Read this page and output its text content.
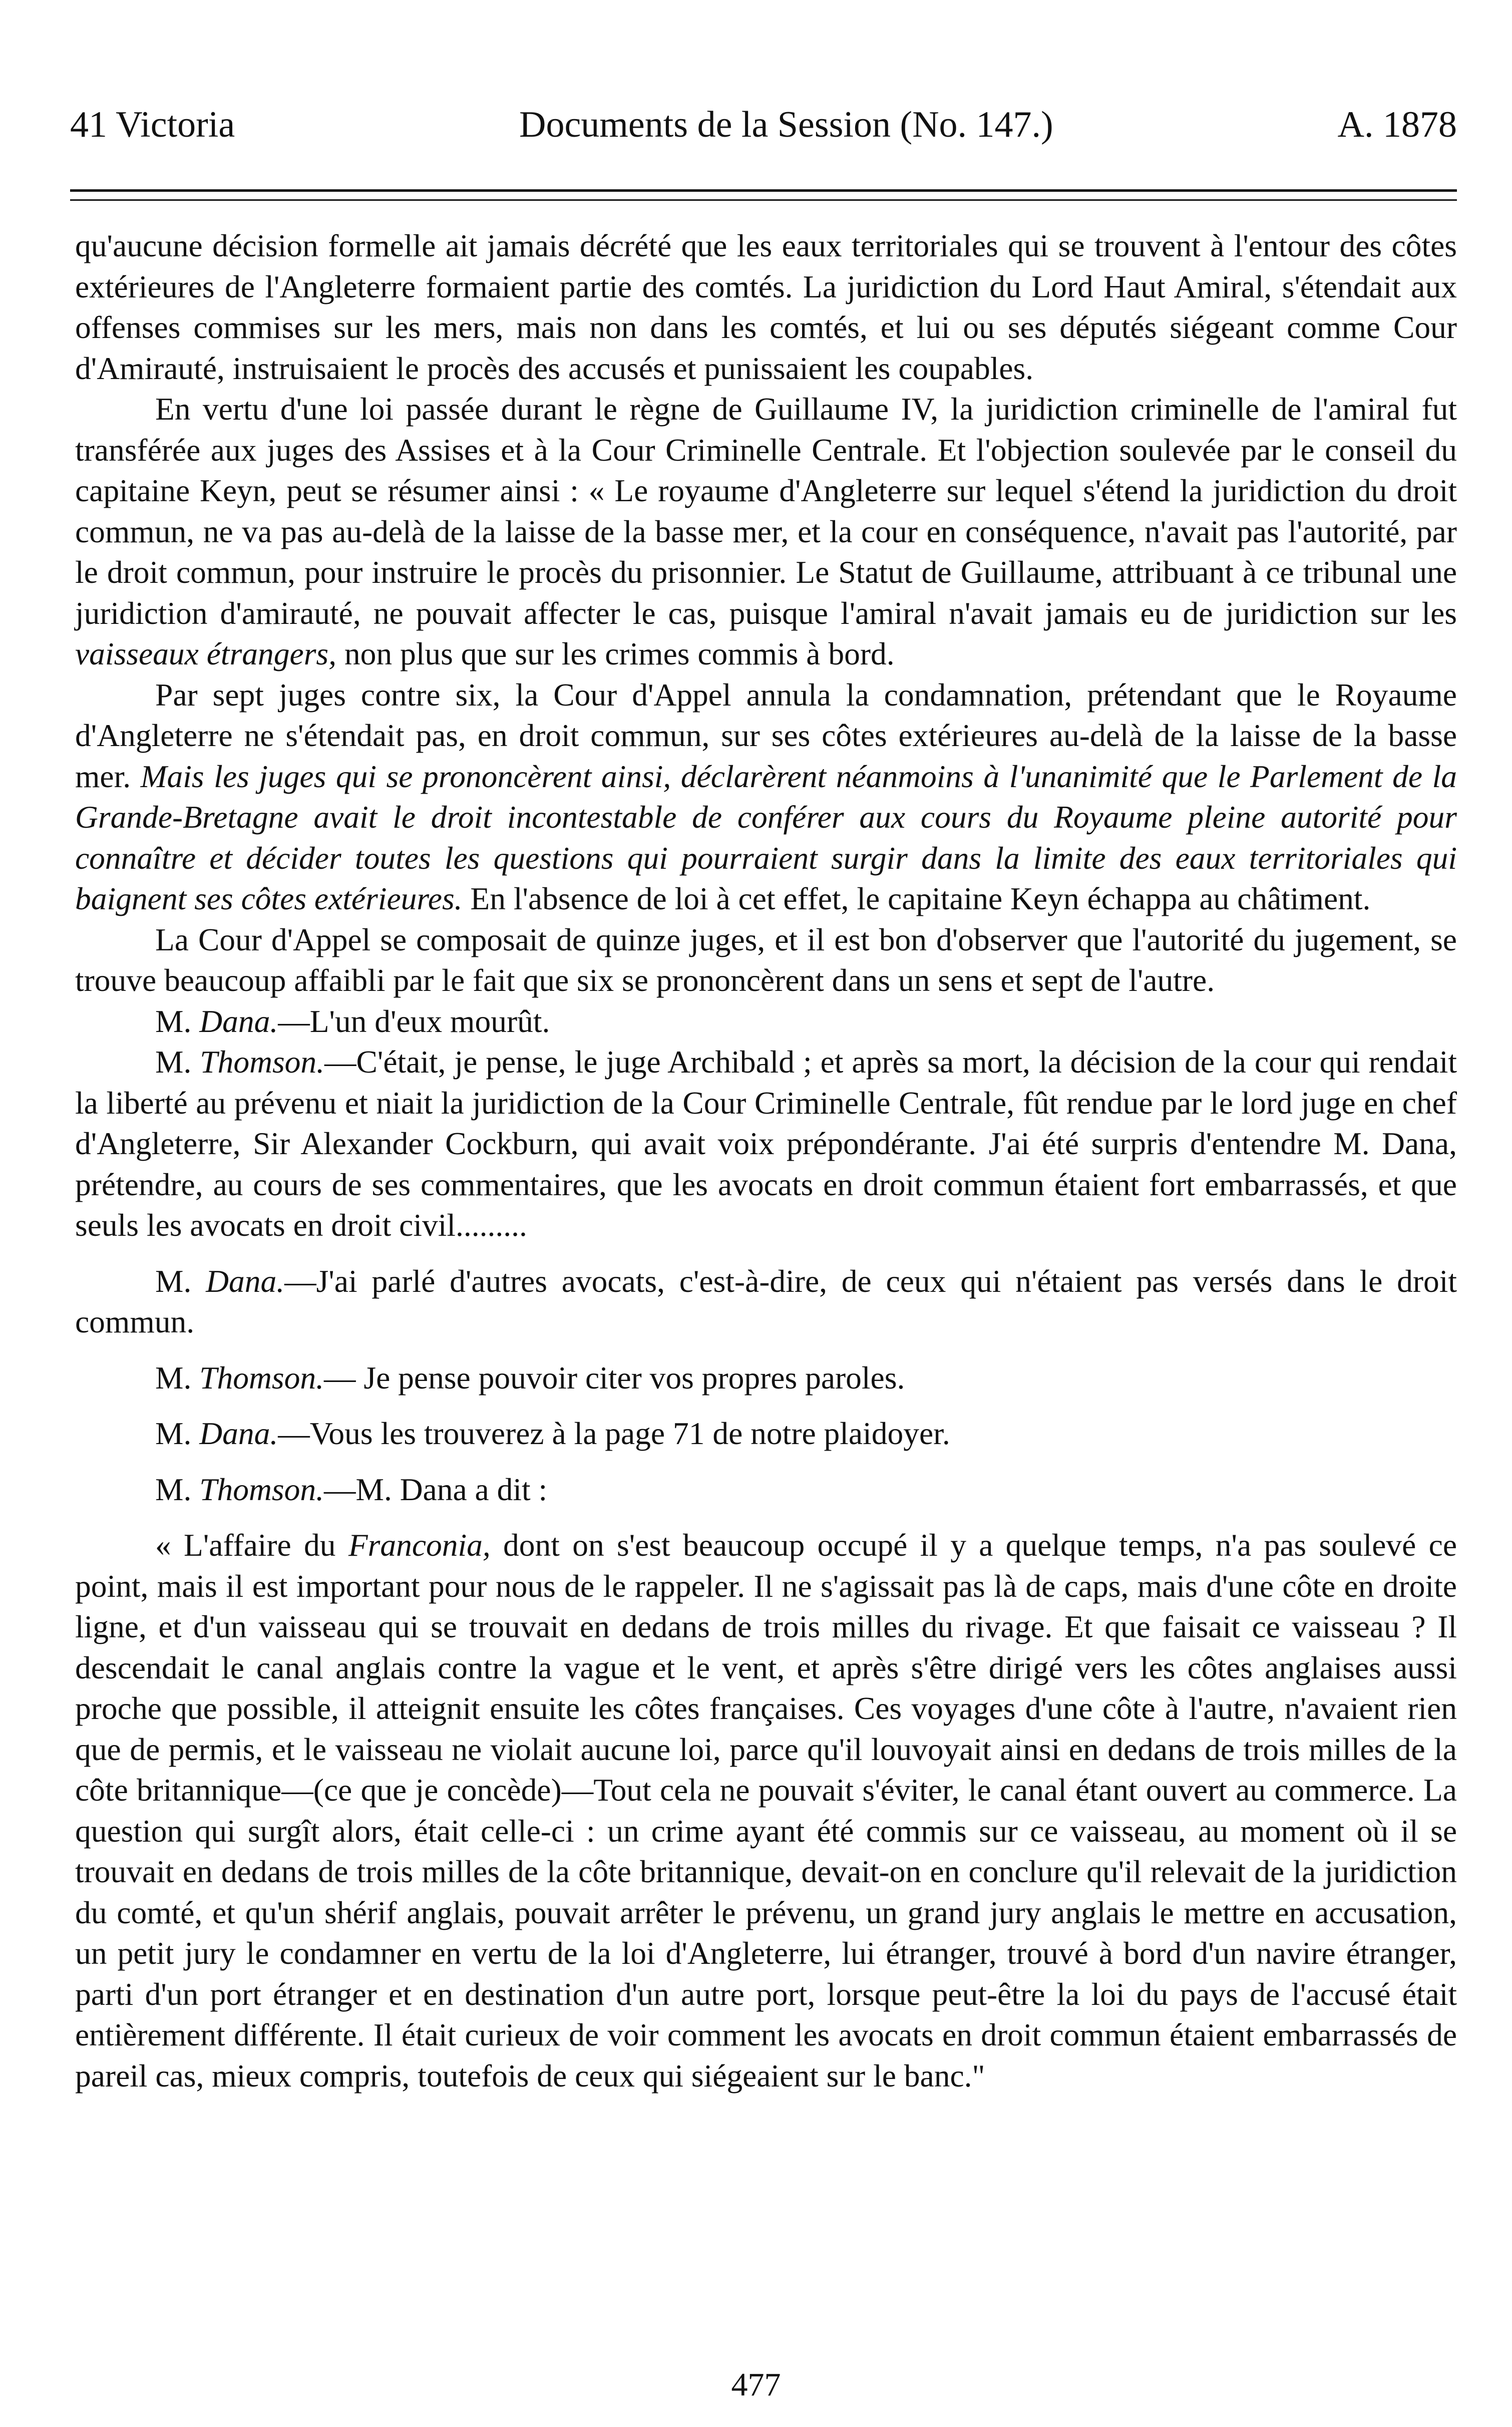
41 Victoria	Documents de la Session (No. 147.)	A. 1878

qu'aucune décision formelle ait jamais décrété que les eaux territoriales qui se trouvent à l'entour des côtes extérieures de l'Angleterre formaient partie des comtés. La juridiction du Lord Haut Amiral, s'étendait aux offenses commises sur les mers, mais non dans les comtés, et lui ou ses députés siégeant comme Cour d'Amirauté, instruisaient le procès des accusés et punissaient les coupables.

En vertu d'une loi passée durant le règne de Guillaume IV, la juridiction criminelle de l'amiral fut transférée aux juges des Assises et à la Cour Criminelle Centrale. Et l'objection soulevée par le conseil du capitaine Keyn, peut se résumer ainsi : « Le royaume d'Angleterre sur lequel s'étend la juridiction du droit commun, ne va pas au-delà de la laisse de la basse mer, et la cour en conséquence, n'avait pas l'autorité, par le droit commun, pour instruire le procès du prisonnier. Le Statut de Guillaume, attribuant à ce tribunal une juridiction d'amirauté, ne pouvait affecter le cas, puisque l'amiral n'avait jamais eu de juridiction sur les vaisseaux étrangers, non plus que sur les crimes commis à bord.

Par sept juges contre six, la Cour d'Appel annula la condamnation, prétendant que le Royaume d'Angleterre ne s'étendait pas, en droit commun, sur ses côtes extérieures au-delà de la laisse de la basse mer. Mais les juges qui se prononcèrent ainsi, déclarèrent néanmoins à l'unanimité que le Parlement de la Grande-Bretagne avait le droit incontestable de conférer aux cours du Royaume pleine autorité pour connaître et décider toutes les questions qui pourraient surgir dans la limite des eaux territoriales qui baignent ses côtes extérieures. En l'absence de loi à cet effet, le capitaine Keyn échappa au châtiment.

La Cour d'Appel se composait de quinze juges, et il est bon d'observer que l'autorité du jugement, se trouve beaucoup affaibli par le fait que six se prononcèrent dans un sens et sept de l'autre.

M. Dana.—L'un d'eux mourût.

M. Thomson.—C'était, je pense, le juge Archibald ; et après sa mort, la décision de la cour qui rendait la liberté au prévenu et niait la juridiction de la Cour Criminelle Centrale, fût rendue par le lord juge en chef d'Angleterre, Sir Alexander Cockburn, qui avait voix prépondérante. J'ai été surpris d'entendre M. Dana, prétendre, au cours de ses commentaires, que les avocats en droit commun étaient fort embarrassés, et que seuls les avocats en droit civil.........

M. Dana.—J'ai parlé d'autres avocats, c'est-à-dire, de ceux qui n'étaient pas versés dans le droit commun.

M. Thomson.— Je pense pouvoir citer vos propres paroles.

M. Dana.—Vous les trouverez à la page 71 de notre plaidoyer.

M. Thomson.—M. Dana a dit :

« L'affaire du Franconia, dont on s'est beaucoup occupé il y a quelque temps, n'a pas soulevé ce point, mais il est important pour nous de le rappeler. Il ne s'agissait pas là de caps, mais d'une côte en droite ligne, et d'un vaisseau qui se trouvait en dedans de trois milles du rivage. Et que faisait ce vaisseau ? Il descendait le canal anglais contre la vague et le vent, et après s'être dirigé vers les côtes anglaises aussi proche que possible, il atteignit ensuite les côtes françaises. Ces voyages d'une côte à l'autre, n'avaient rien que de permis, et le vaisseau ne violait aucune loi, parce qu'il louvoyait ainsi en dedans de trois milles de la côte britannique—(ce que je concède)—Tout cela ne pouvait s'éviter, le canal étant ouvert au commerce. La question qui surgît alors, était celle-ci : un crime ayant été commis sur ce vaisseau, au moment où il se trouvait en dedans de trois milles de la côte britannique, devait-on en conclure qu'il relevait de la juridiction du comté, et qu'un shérif anglais, pouvait arrêter le prévenu, un grand jury anglais le mettre en accusation, un petit jury le condamner en vertu de la loi d'Angleterre, lui étranger, trouvé à bord d'un navire étranger, parti d'un port étranger et en destination d'un autre port, lorsque peut-être la loi du pays de l'accusé était entièrement différente. Il était curieux de voir comment les avocats en droit commun étaient embarrassés de pareil cas, mieux compris, toutefois de ceux qui siégeaient sur le banc."

477
